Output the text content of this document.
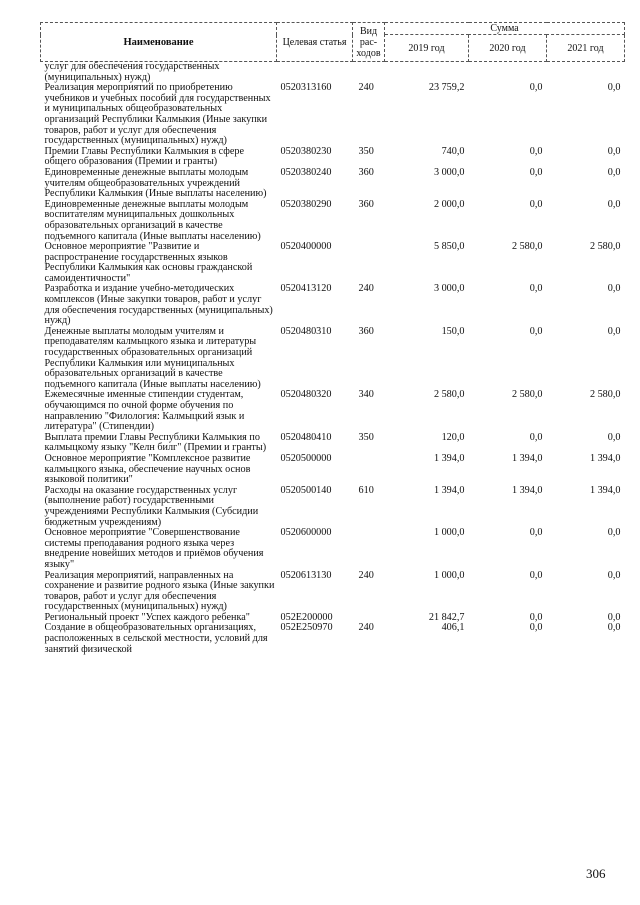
Наименование	Целевая статья	Вид рас-ходов	Сумма		
			2019 год	2020 год	2021 год
услуг для обеспечения государственных (муниципальных) нужд)					
Реализация мероприятий по приобретению учебников и учебных пособий для государственных и муниципальных общеобразовательных организаций Республики Калмыкия (Иные закупки товаров, работ и услуг для обеспечения государственных (муниципальных) нужд)	0520313160	240	23 759,2	0,0	0,0
Премии Главы Республики Калмыкия в сфере общего образования (Премии и гранты)	0520380230	350	740,0	0,0	0,0
Единовременные денежные выплаты молодым учителям общеобразовательных учреждений Республики Калмыкия (Иные выплаты населению)	0520380240	360	3 000,0	0,0	0,0
Единовременные денежные выплаты молодым воспитателям муниципальных дошкольных образовательных организаций в качестве подъемного капитала (Иные выплаты населению)	0520380290	360	2 000,0	0,0	0,0
Основное мероприятие "Развитие и распространение государственных языков Республики Калмыкия как основы гражданской самоидентичности"	0520400000		5 850,0	2 580,0	2 580,0
Разработка и издание учебно-методических комплексов (Иные закупки товаров, работ и услуг для обеспечения государственных (муниципальных) нужд)	0520413120	240	3 000,0	0,0	0,0
Денежные выплаты молодым учителям и преподавателям калмыцкого языка и литературы государственных образовательных организаций Республики Калмыкия или муниципальных образовательных организаций в качестве подъемного капитала (Иные выплаты населению)	0520480310	360	150,0	0,0	0,0
Ежемесячные именные стипендии студентам, обучающимся по очной форме обучения по направлению "Филология: Калмыцкий язык и литература" (Стипендии)	0520480320	340	2 580,0	2 580,0	2 580,0
Выплата премии Главы Республики Калмыкия по калмыцкому языку "Келн билг" (Премии и гранты)	0520480410	350	120,0	0,0	0,0
Основное мероприятие "Комплексное развитие калмыцкого языка, обеспечение научных основ языковой политики"	0520500000		1 394,0	1 394,0	1 394,0
Расходы на оказание государственных услуг (выполнение работ) государственными учреждениями Республики Калмыкия (Субсидии бюджетным учреждениям)	0520500140	610	1 394,0	1 394,0	1 394,0
Основное мероприятие "Совершенствование системы преподавания родного языка через внедрение новейших методов и приёмов обучения языку"	0520600000		1 000,0	0,0	0,0
Реализация мероприятий, направленных на сохранение и развитие родного языка (Иные закупки товаров, работ и услуг для обеспечения государственных (муниципальных) нужд)	0520613130	240	1 000,0	0,0	0,0
Региональный проект "Успех каждого ребенка"	052E200000		21 842,7	0,0	0,0
Создание в общеобразовательных организациях, расположенных в сельской местности, условий для занятий физической	052E250970	240	406,1	0,0	0,0
306
